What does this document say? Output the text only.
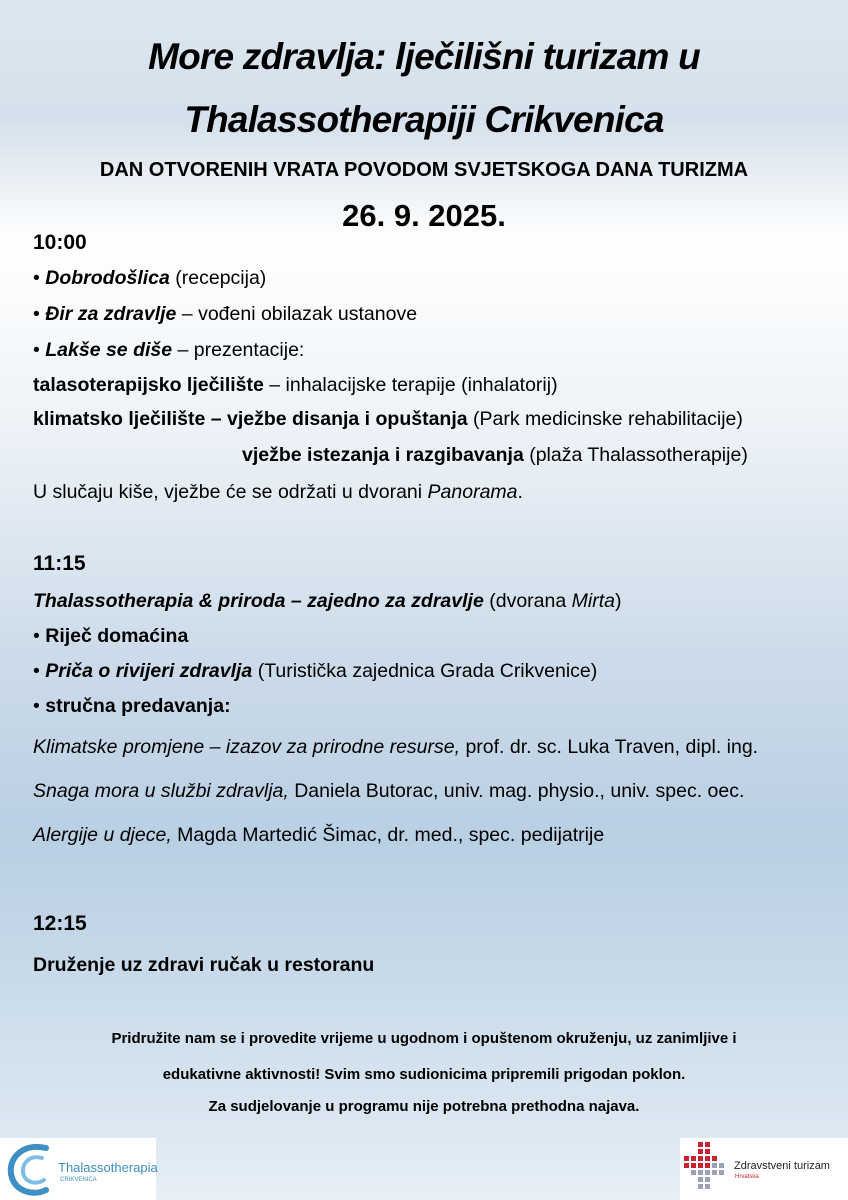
More zdravlja: lječilišni turizam u
Thalassotherapiji Crikvenica
DAN OTVORENIH VRATA POVODOM SVJETSKOGA DANA TURIZMA
26. 9. 2025.
10:00
• Dobrodošlica (recepcija)
• Đir za zdravlje – vođeni obilazak ustanove
• Lakše se diše – prezentacije:
talasoterapijsko lječilište – inhalacijske terapije (inhalatorij)
klimatsko lječilište – vježbe disanja i opuštanja (Park medicinske rehabilitacije)
vježbe istezanja i razgibavanja (plaža Thalassotherapije)
U slučaju kiše, vježbe će se održati u dvorani Panorama.
11:15
Thalassotherapia & priroda – zajedno za zdravlje (dvorana Mirta)
• Riječ domaćina
• Priča o rivijeri zdravlja (Turistička zajednica Grada Crikvenice)
• stručna predavanja:
Klimatske promjene – izazov za prirodne resurse, prof. dr. sc. Luka Traven, dipl. ing.
Snaga mora u službi zdravlja, Daniela Butorac, univ. mag. physio., univ. spec. oec.
Alergije u djece, Magda Martedić Šimac, dr. med., spec. pedijatrije
12:15
Druženje uz zdravi ručak u restoranu
Pridružite nam se i provedite vrijeme u ugodnom i opuštenom okruženju, uz zanimljive i
edukativne aktivnosti! Svim smo sudionicima pripremili prigodan poklon.
Za sudjelovanje u programu nije potrebna prethodna najava.
Thalassotherapia
CRIKVENICA
Zdravstveni turizam
Hrvatska
